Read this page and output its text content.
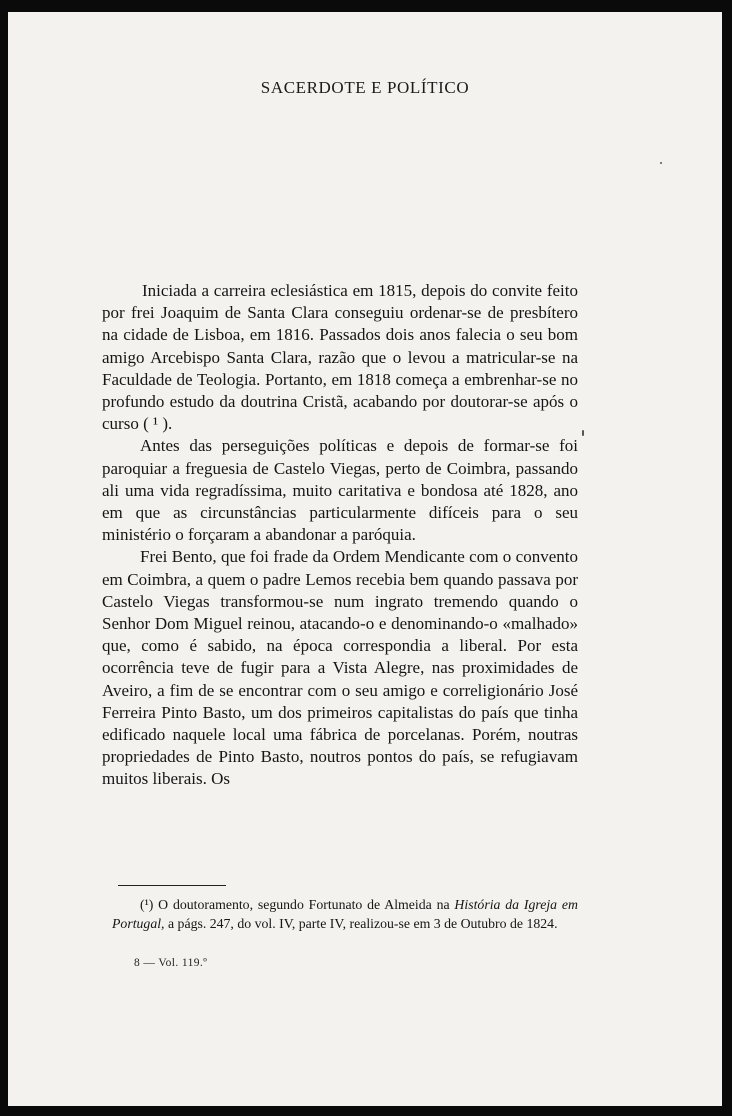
SACERDOTE E POLÍTICO

Iniciada a carreira eclesiástica em 1815, depois do convite feito por frei Joaquim de Santa Clara conseguiu ordenar-se de presbítero na cidade de Lisboa, em 1816. Passados dois anos falecia o seu bom amigo Arcebispo Santa Clara, razão que o levou a matricular-se na Faculdade de Teologia. Portanto, em 1818 começa a embrenhar-se no profundo estudo da doutrina Cristã, acabando por doutorar-se após o curso ( ¹ ).

Antes das perseguições políticas e depois de formar-se foi paroquiar a freguesia de Castelo Viegas, perto de Coimbra, passando ali uma vida regradíssima, muito caritativa e bondosa até 1828, ano em que as circunstâncias particularmente difíceis para o seu ministério o forçaram a abandonar a paróquia.

Frei Bento, que foi frade da Ordem Mendicante com o convento em Coimbra, a quem o padre Lemos recebia bem quando passava por Castelo Viegas transformou-se num ingrato tremendo quando o Senhor Dom Miguel reinou, atacando-o e denominando-o «malhado» que, como é sabido, na época correspondia a liberal. Por esta ocorrência teve de fugir para a Vista Alegre, nas proximidades de Aveiro, a fim de se encontrar com o seu amigo e correligionário José Ferreira Pinto Basto, um dos primeiros capitalistas do país que tinha edificado naquele local uma fábrica de porcelanas. Porém, noutras propriedades de Pinto Basto, noutros pontos do país, se refugiavam muitos liberais. Os

(¹) O doutoramento, segundo Fortunato de Almeida na História da Igreja em Portugal, a págs. 247, do vol. IV, parte IV, realizou-se em 3 de Outubro de 1824.

8 — Vol. 119.º
